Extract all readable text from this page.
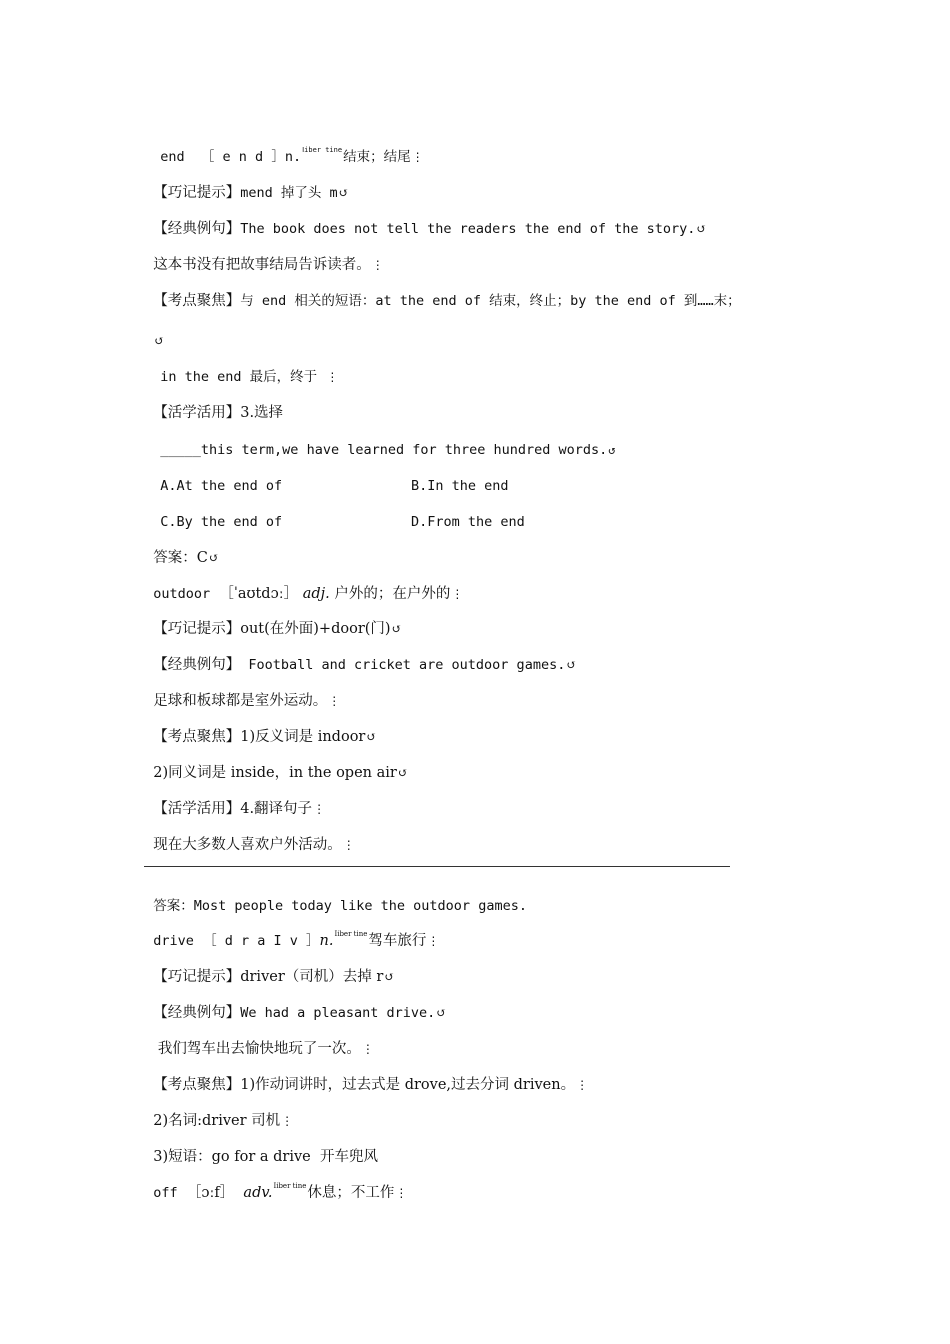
end ［ e n d ］n.Ⅰiber tine结束；结尾⋮

【巧记提示】mend 掉了头 m↺

【经典例句】The book does not tell the readers the end of the story.↺

这本书没有把故事结局告诉读者。⋮

【考点聚焦】与 end 相关的短语：at the end of 结束，终止；by the end of 到……末；

↺

in the end 最后，终于 ⋮

【活学活用】3.选择

_____this term,we have learned for three hundred words.↺

A.At the end of	B.In the end

C.By the end of	D.From the end

答案：C↺

outdoor ［ˈaʊtdɔː］ adj. 户外的；在户外的⋮

【巧记提示】out(在外面)+door(门)↺

【经典例句】 Football and cricket are outdoor games.↺

足球和板球都是室外运动。⋮

【考点聚焦】1)反义词是 indoor↺

2)同义词是 inside，in the open air↺

【活学活用】4.翻译句子⋮

现在大多数人喜欢户外活动。⋮

答案：Most people today like the outdoor games.

drive ［ d r a I v ］n.Ⅰiber tine驾车旅行⋮

【巧记提示】driver（司机）去掉 r↺

【经典例句】We had a pleasant drive.↺

我们驾车出去愉快地玩了一次。⋮

【考点聚焦】1)作动词讲时，过去式是 drove,过去分词 driven。⋮

2)名词:driver 司机⋮

3)短语：go for a drive  开车兜风

off ［ɔːf］ adv.Ⅰiber tine休息；不工作⋮
